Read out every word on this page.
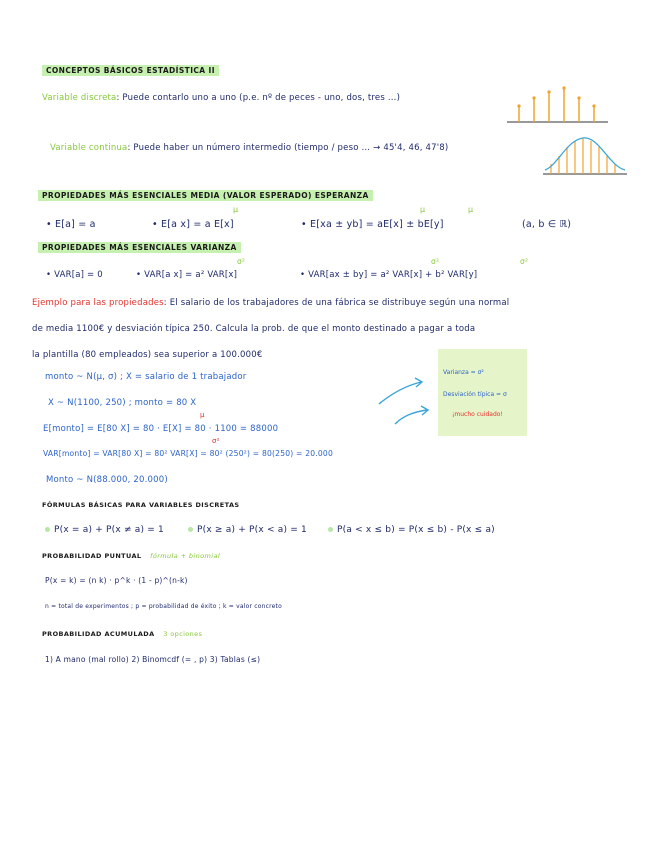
CONCEPTOS BÁSICOS ESTADÍSTICA II
Variable discreta: Puede contarlo uno a uno (p.e. nº de peces - uno, dos, tres ...)
Variable continua: Puede haber un número intermedio (tiempo / peso ... → 45'4, 46, 47'8)
PROPIEDADES MÁS ESENCIALES MEDIA (VALOR ESPERADO) ESPERANZA
• E[a] = a	• E[a x] = a E[x]	• E[xa ± yb] = aE[x] ± bE[y]
μ	μ	μ
(a, b ∈ ℝ)
PROPIEDADES MÁS ESENCIALES VARIANZA
• VAR[a] = 0	• VAR[a x] = a² VAR[x]	• VAR[ax ± by] = a² VAR[x] + b² VAR[y]
σ²	σ²	σ²
Ejemplo para las propiedades: El salario de los trabajadores de una fábrica se distribuye según una normal
de media 1100€ y desviación típica 250. Calcula la prob. de que el monto destinado a pagar a toda
la plantilla (80 empleados) sea superior a 100.000€
monto ~ N(μ, σ) ; X = salario de 1 trabajador
X ~ N(1100, 250) ; monto = 80 X
E[monto] = E[80 X] = 80 · E[X] = 80 · 1100 = 88000
VAR[monto] = VAR[80 X] = 80² VAR[X] = 80² (250²) = 80(250) = 20.000
Monto ~ N(88.000, 20.000)
μ
σ²
Varianza = σ²
Desviación típica = σ
¡mucho cuidado!
FÓRMULAS BÁSICAS PARA VARIABLES DISCRETAS
P(x = a) + P(x ≠ a) = 1	P(x ≥ a) + P(x < a) = 1	P(a < x ≤ b) = P(x ≤ b) - P(x ≤ a)
PROBABILIDAD PUNTUAL fórmula + binomial
P(x = k) = (n k) · p^k · (1 - p)^(n-k)
n = total de experimentos ; p = probabilidad de éxito ; k = valor concreto
PROBABILIDAD ACUMULADA 3 opciones
1) A mano (mal rollo) 2) Binomcdf (= , p) 3) Tablas (≤)
